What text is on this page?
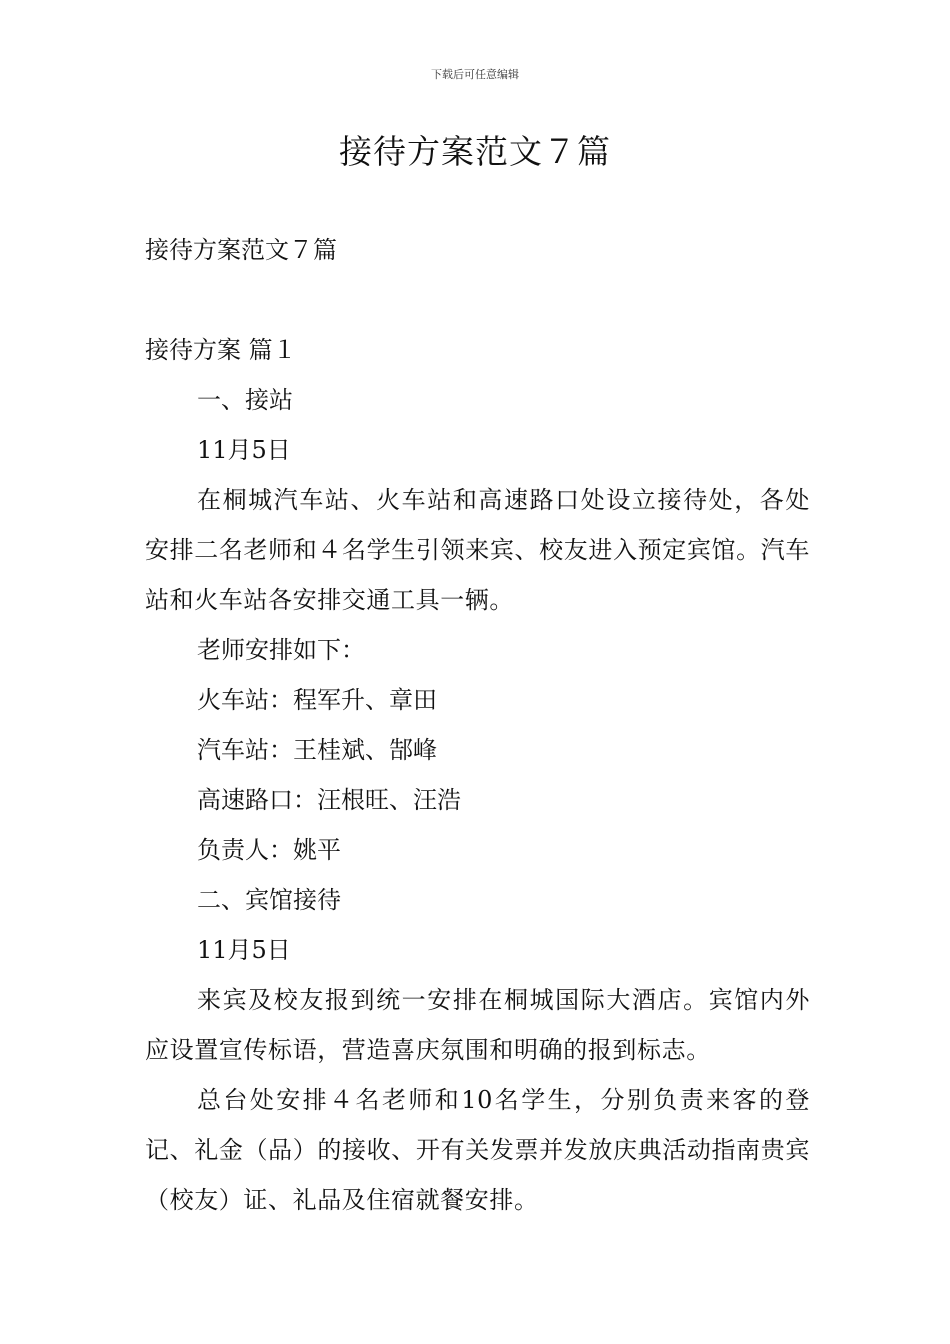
下载后可任意编辑
接待方案范文７篇
接待方案范文７篇
接待方案 篇１
一、接站
11月5日
在桐城汽车站、火车站和高速路口处设立接待处，各处安排二名老师和４名学生引领来宾、校友进入预定宾馆。汽车站和火车站各安排交通工具一辆。
老师安排如下：
火车站：程军升、章田
汽车站：王桂斌、郜峰
高速路口：汪根旺、汪浩
负责人：姚平
二、宾馆接待
11月5日
来宾及校友报到统一安排在桐城国际大酒店。宾馆内外应设置宣传标语，营造喜庆氛围和明确的报到标志。
总台处安排４名老师和10名学生，分别负责来客的登记、礼金（品）的接收、开有关发票并发放庆典活动指南贵宾（校友）证、礼品及住宿就餐安排。
